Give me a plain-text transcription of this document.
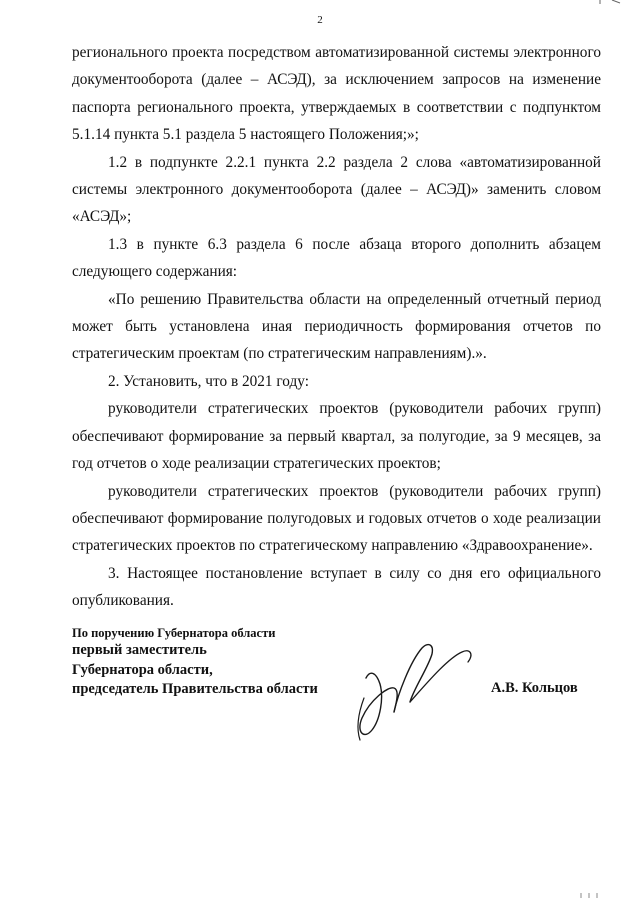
2

регионального проекта посредством автоматизированной системы электронного документооборота (далее – АСЭД), за исключением запросов на изменение паспорта регионального проекта, утверждаемых в соответствии с подпунктом 5.1.14 пункта 5.1 раздела 5 настоящего Положения;»;

1.2 в подпункте 2.2.1 пункта 2.2 раздела 2 слова «автоматизированной системы электронного документооборота (далее – АСЭД)» заменить словом «АСЭД»;

1.3 в пункте 6.3 раздела 6 после абзаца второго дополнить абзацем следующего содержания:

«По решению Правительства области на определенный отчетный период может быть установлена иная периодичность формирования отчетов по стратегическим проектам (по стратегическим направлениям).».

2. Установить, что в 2021 году:

руководители стратегических проектов (руководители рабочих групп) обеспечивают формирование за первый квартал, за полугодие, за 9 месяцев, за год отчетов о ходе реализации стратегических проектов;

руководители стратегических проектов (руководители рабочих групп) обеспечивают формирование полугодовых и годовых отчетов о ходе реализации стратегических проектов по стратегическому направлению «Здравоохранение».

3. Настоящее постановление вступает в силу со дня его официального опубликования.

По поручению Губернатора области
первый заместитель
Губернатора области,
председатель Правительства области	А.В. Кольцов
